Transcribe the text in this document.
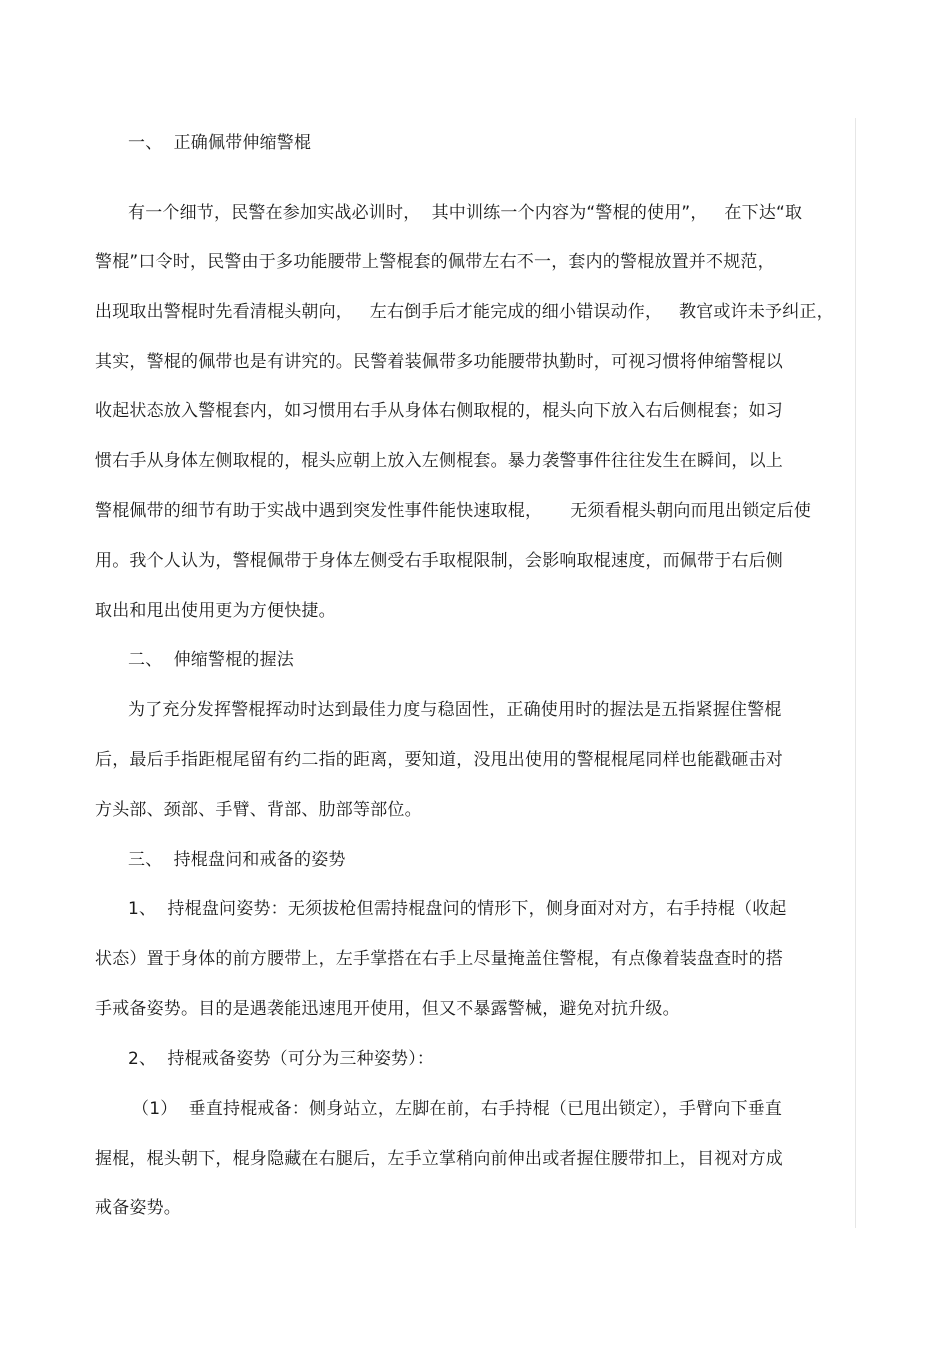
一、  正确佩带伸缩警棍
有一个细节，民警在参加实战必训时，  其中训练一个内容为“警棍的使用”，   在下达“取
警棍”口令时，民警由于多功能腰带上警棍套的佩带左右不一，套内的警棍放置并不规范，
出现取出警棍时先看清棍头朝向，   左右倒手后才能完成的细小错误动作，   教官或许未予纠正，
其实，警棍的佩带也是有讲究的。民警着装佩带多功能腰带执勤时，可视习惯将伸缩警棍以
收起状态放入警棍套内，如习惯用右手从身体右侧取棍的，棍头向下放入右后侧棍套；如习
惯右手从身体左侧取棍的，棍头应朝上放入左侧棍套。暴力袭警事件往往发生在瞬间，以上
警棍佩带的细节有助于实战中遇到突发性事件能快速取棍，     无须看棍头朝向而甩出锁定后使
用。我个人认为，警棍佩带于身体左侧受右手取棍限制，会影响取棍速度，而佩带于右后侧
取出和甩出使用更为方便快捷。
二、  伸缩警棍的握法
为了充分发挥警棍挥动时达到最佳力度与稳固性，正确使用时的握法是五指紧握住警棍
后，最后手指距棍尾留有约二指的距离，要知道，没甩出使用的警棍棍尾同样也能戳砸击对
方头部、颈部、手臂、背部、肋部等部位。
三、  持棍盘问和戒备的姿势
1、  持棍盘问姿势：无须拔枪但需持棍盘问的情形下，侧身面对对方，右手持棍（收起
状态）置于身体的前方腰带上，左手掌搭在右手上尽量掩盖住警棍，有点像着装盘查时的搭
手戒备姿势。目的是遇袭能迅速甩开使用，但又不暴露警械，避免对抗升级。
2、  持棍戒备姿势（可分为三种姿势）：
（1）  垂直持棍戒备：侧身站立，左脚在前，右手持棍（已甩出锁定），手臂向下垂直
握棍，棍头朝下，棍身隐藏在右腿后，左手立掌稍向前伸出或者握住腰带扣上，目视对方成
戒备姿势。
